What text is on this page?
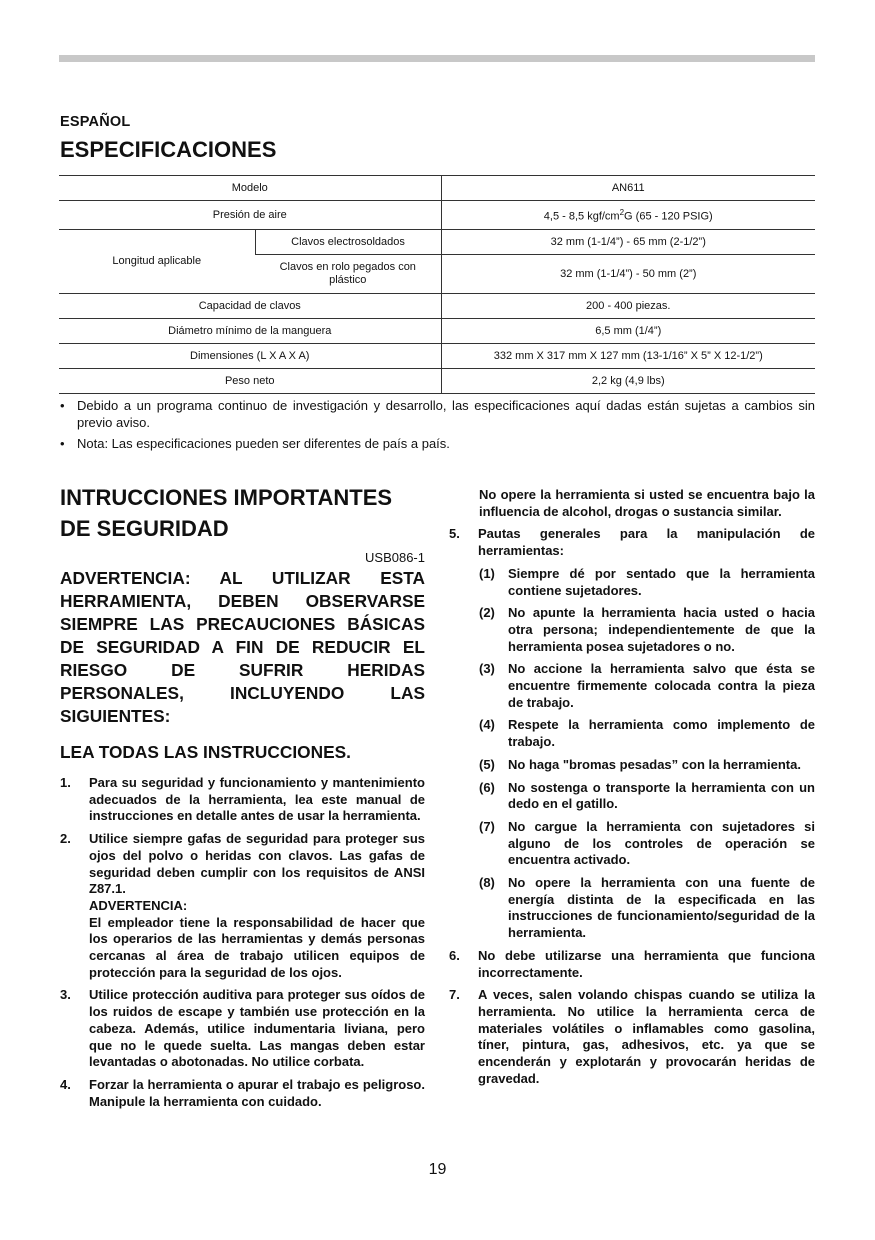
ESPAÑOL
ESPECIFICACIONES
Modelo		AN611
Presión de aire		4,5 - 8,5 kgf/$cm^2G$ (65 - 120 PSIG)
Longitud aplicable	Clavos electrosoldados	32 mm (1-1/4”) - 65 mm (2-1/2”)
	Clavos en rolo pegados con plástico	32 mm (1-1/4”) - 50 mm (2”)
Capacidad de clavos		200 - 400 piezas.
Diámetro mínimo de la manguera		6,5 mm (1/4”)
Dimensiones (L X A X A)		332 mm X 317 mm X 127 mm (13-1/16” X 5” X 12-1/2”)
Peso neto		2,2 kg (4,9 lbs)
• Debido a un programa continuo de investigación y desarrollo, las especificaciones aquí dadas están sujetas a cambios sin previo aviso.
• Nota: Las especificaciones pueden ser diferentes de país a país.
INTRUCCIONES IMPORTANTES
DE SEGURIDAD
USB086-1
ADVERTENCIA: AL UTILIZAR ESTA HERRAMIENTA, DEBEN OBSERVARSE SIEMPRE LAS PRECAUCIONES BÁSICAS DE SEGURIDAD A FIN DE REDUCIR EL RIESGO DE SUFRIR HERIDAS PERSONALES, INCLUYENDO LAS SIGUIENTES:
LEA TODAS LAS INSTRUCCIONES.
1. Para su seguridad y funcionamiento y mantenimiento adecuados de la herramienta, lea este manual de instrucciones en detalle antes de usar la herramienta.
2. Utilice siempre gafas de seguridad para proteger sus ojos del polvo o heridas con clavos. Las gafas de seguridad deben cumplir con los requisitos de ANSI Z87.1.
ADVERTENCIA:
El empleador tiene la responsabilidad de hacer que los operarios de las herramientas y demás personas cercanas al área de trabajo utilicen equipos de protección para la seguridad de los ojos.
3. Utilice protección auditiva para proteger sus oídos de los ruidos de escape y también use protección en la cabeza. Además, utilice indumentaria liviana, pero que no le quede suelta. Las mangas deben estar levantadas o abotonadas. No utilice corbata.
4. Forzar la herramienta o apurar el trabajo es peligroso. Manipule la herramienta con cuidado.
No opere la herramienta si usted se encuentra bajo la influencia de alcohol, drogas o sustancia similar.
5. Pautas generales para la manipulación de herramientas:
(1) Siempre dé por sentado que la herramienta contiene sujetadores.
(2) No apunte la herramienta hacia usted o hacia otra persona; independientemente de que la herramienta posea sujetadores o no.
(3) No accione la herramienta salvo que ésta se encuentre firmemente colocada contra la pieza de trabajo.
(4) Respete la herramienta como implemento de trabajo.
(5) No haga "bromas pesadas” con la herramienta.
(6) No sostenga o transporte la herramienta con un dedo en el gatillo.
(7) No cargue la herramienta con sujetadores si alguno de los controles de operación se encuentra activado.
(8) No opere la herramienta con una fuente de energía distinta de la especificada en las instrucciones de funcionamiento/seguridad de la herramienta.
6. No debe utilizarse una herramienta que funciona incorrectamente.
7. A veces, salen volando chispas cuando se utiliza la herramienta. No utilice la herramienta cerca de materiales volátiles o inflamables como gasolina, tíner, pintura, gas, adhesivos, etc. ya que se encenderán y explotarán y provocarán heridas de gravedad.
19
